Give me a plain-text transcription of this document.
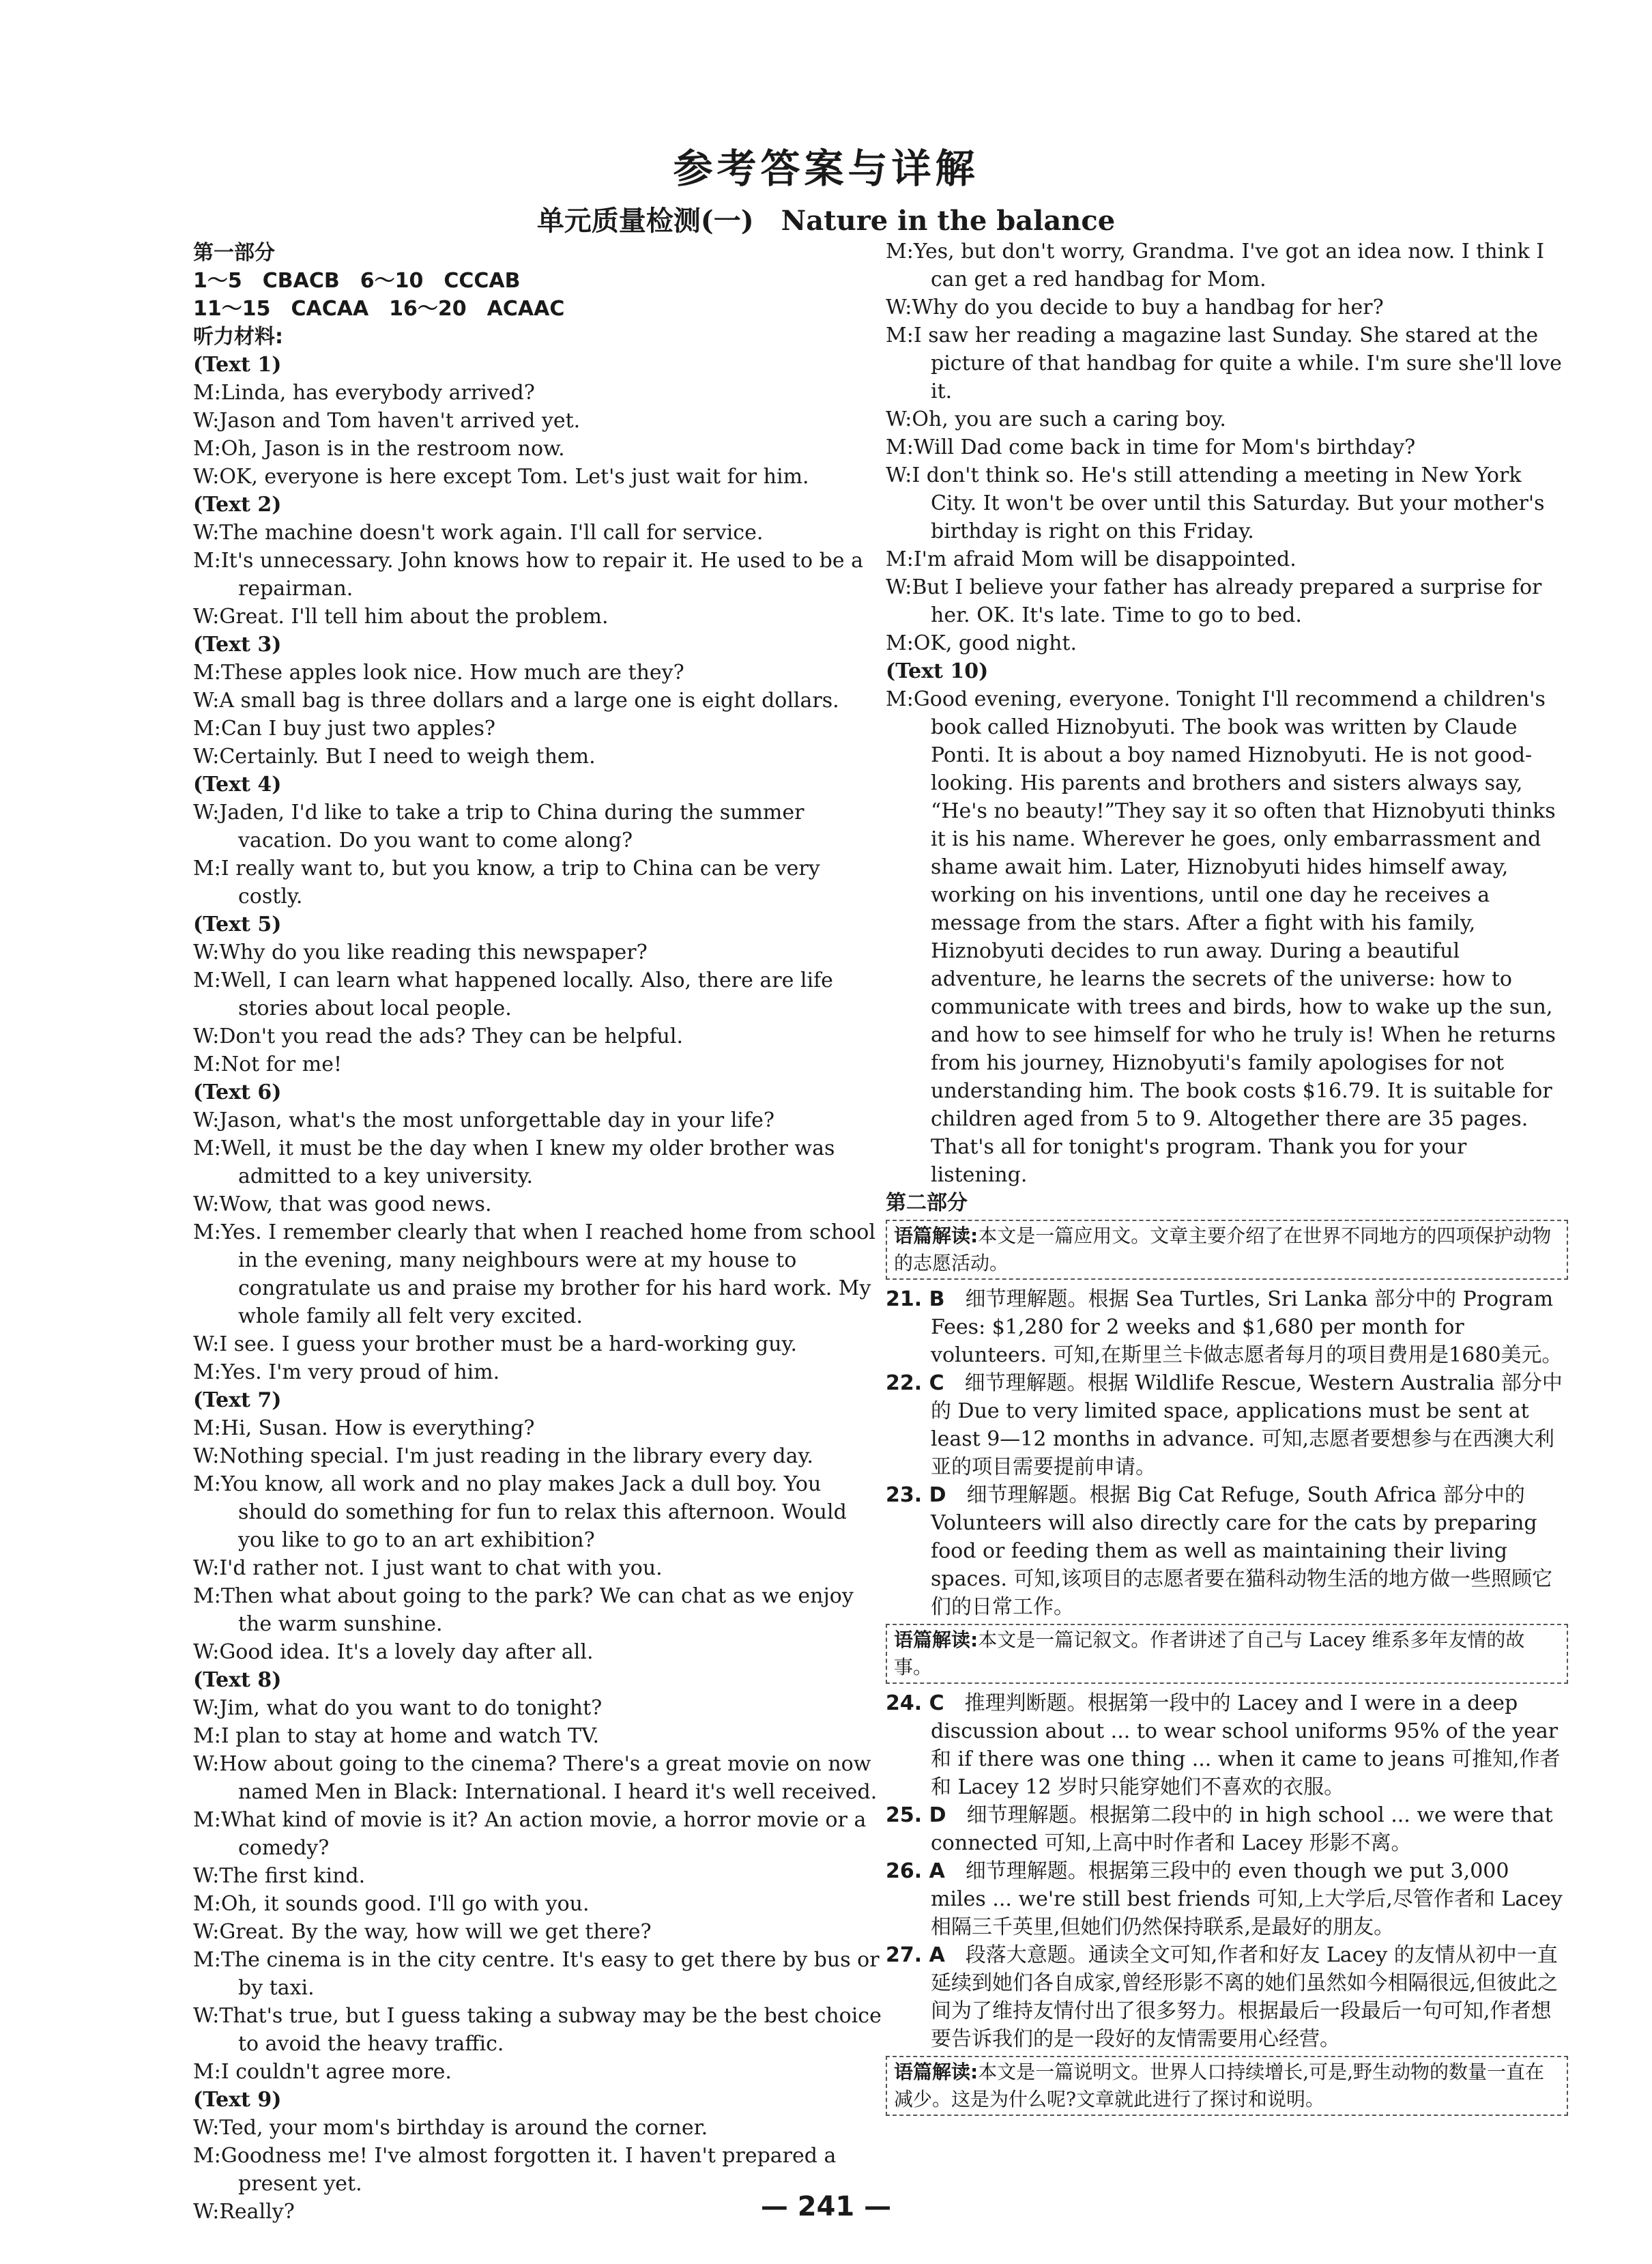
参考答案与详解
单元质量检测(一)　Nature in the balance
第一部分
1～5　CBACB　6～10　CCCAB
11～15　CACAA　16～20　ACAAC
听力材料:
(Text 1)
M:Linda, has everybody arrived?
W:Jason and Tom haven't arrived yet.
M:Oh, Jason is in the restroom now.
W:OK, everyone is here except Tom. Let's just wait for him.
(Text 2)
W:The machine doesn't work again. I'll call for service.
M:It's unnecessary. John knows how to repair it. He used to be a repairman.
W:Great. I'll tell him about the problem.
(Text 3)
M:These apples look nice. How much are they?
W:A small bag is three dollars and a large one is eight dollars.
M:Can I buy just two apples?
W:Certainly. But I need to weigh them.
(Text 4)
W:Jaden, I'd like to take a trip to China during the summer vacation. Do you want to come along?
M:I really want to, but you know, a trip to China can be very costly.
(Text 5)
W:Why do you like reading this newspaper?
M:Well, I can learn what happened locally. Also, there are life stories about local people.
W:Don't you read the ads? They can be helpful.
M:Not for me!
(Text 6)
W:Jason, what's the most unforgettable day in your life?
M:Well, it must be the day when I knew my older brother was admitted to a key university.
W:Wow, that was good news.
M:Yes. I remember clearly that when I reached home from school in the evening, many neighbours were at my house to congratulate us and praise my brother for his hard work. My whole family all felt very excited.
W:I see. I guess your brother must be a hard-working guy.
M:Yes. I'm very proud of him.
(Text 7)
M:Hi, Susan. How is everything?
W:Nothing special. I'm just reading in the library every day.
M:You know, all work and no play makes Jack a dull boy. You should do something for fun to relax this afternoon. Would you like to go to an art exhibition?
W:I'd rather not. I just want to chat with you.
M:Then what about going to the park? We can chat as we enjoy the warm sunshine.
W:Good idea. It's a lovely day after all.
(Text 8)
W:Jim, what do you want to do tonight?
M:I plan to stay at home and watch TV.
W:How about going to the cinema? There's a great movie on now named Men in Black: International. I heard it's well received.
M:What kind of movie is it? An action movie, a horror movie or a comedy?
W:The first kind.
M:Oh, it sounds good. I'll go with you.
W:Great. By the way, how will we get there?
M:The cinema is in the city centre. It's easy to get there by bus or by taxi.
W:That's true, but I guess taking a subway may be the best choice to avoid the heavy traffic.
M:I couldn't agree more.
(Text 9)
W:Ted, your mom's birthday is around the corner.
M:Goodness me! I've almost forgotten it. I haven't prepared a present yet.
W:Really?
M:Yes, but don't worry, Grandma. I've got an idea now. I think I can get a red handbag for Mom.
W:Why do you decide to buy a handbag for her?
M:I saw her reading a magazine last Sunday. She stared at the picture of that handbag for quite a while. I'm sure she'll love it.
W:Oh, you are such a caring boy.
M:Will Dad come back in time for Mom's birthday?
W:I don't think so. He's still attending a meeting in New York City. It won't be over until this Saturday. But your mother's birthday is right on this Friday.
M:I'm afraid Mom will be disappointed.
W:But I believe your father has already prepared a surprise for her. OK. It's late. Time to go to bed.
M:OK, good night.
(Text 10)
M:Good evening, everyone. Tonight I'll recommend a children's book called Hiznobyuti. The book was written by Claude Ponti. It is about a boy named Hiznobyuti. He is not good-looking. His parents and brothers and sisters always say, “He's no beauty!”They say it so often that Hiznobyuti thinks it is his name. Wherever he goes, only embarrassment and shame await him. Later, Hiznobyuti hides himself away, working on his inventions, until one day he receives a message from the stars. After a fight with his family, Hiznobyuti decides to run away. During a beautiful adventure, he learns the secrets of the universe: how to communicate with trees and birds, how to wake up the sun, and how to see himself for who he truly is! When he returns from his journey, Hiznobyuti's family apologises for not understanding him. The book costs $16.79. It is suitable for children aged from 5 to 9. Altogether there are 35 pages. That's all for tonight's program. Thank you for your listening.
第二部分
语篇解读:本文是一篇应用文。文章主要介绍了在世界不同地方的四项保护动物的志愿活动。
21. B　 细节理解题。根据 Sea Turtles, Sri Lanka 部分中的 Program Fees: $1,280 for 2 weeks and $1,680 per month for volunteers. 可知,在斯里兰卡做志愿者每月的项目费用是1680美元。
22. C　 细节理解题。根据 Wildlife Rescue, Western Australia 部分中的 Due to very limited space, applications must be sent at least 9—12 months in advance. 可知,志愿者要想参与在西澳大利亚的项目需要提前申请。
23. D　 细节理解题。根据 Big Cat Refuge, South Africa 部分中的 Volunteers will also directly care for the cats by preparing food or feeding them as well as maintaining their living spaces. 可知,该项目的志愿者要在猫科动物生活的地方做一些照顾它们的日常工作。
语篇解读:本文是一篇记叙文。作者讲述了自己与 Lacey 维系多年友情的故事。
24. C　 推理判断题。根据第一段中的 Lacey and I were in a deep discussion about ... to wear school uniforms 95% of the year 和 if there was one thing ... when it came to jeans 可推知,作者和 Lacey 12 岁时只能穿她们不喜欢的衣服。
25. D　 细节理解题。根据第二段中的 in high school ... we were that connected 可知,上高中时作者和 Lacey 形影不离。
26. A　 细节理解题。根据第三段中的 even though we put 3,000 miles ... we're still best friends 可知,上大学后,尽管作者和 Lacey 相隔三千英里,但她们仍然保持联系,是最好的朋友。
27. A　 段落大意题。通读全文可知,作者和好友 Lacey 的友情从初中一直延续到她们各自成家,曾经形影不离的她们虽然如今相隔很远,但彼此之间为了维持友情付出了很多努力。根据最后一段最后一句可知,作者想要告诉我们的是一段好的友情需要用心经营。
语篇解读:本文是一篇说明文。世界人口持续增长,可是,野生动物的数量一直在减少。这是为什么呢?文章就此进行了探讨和说明。
— 241 —
